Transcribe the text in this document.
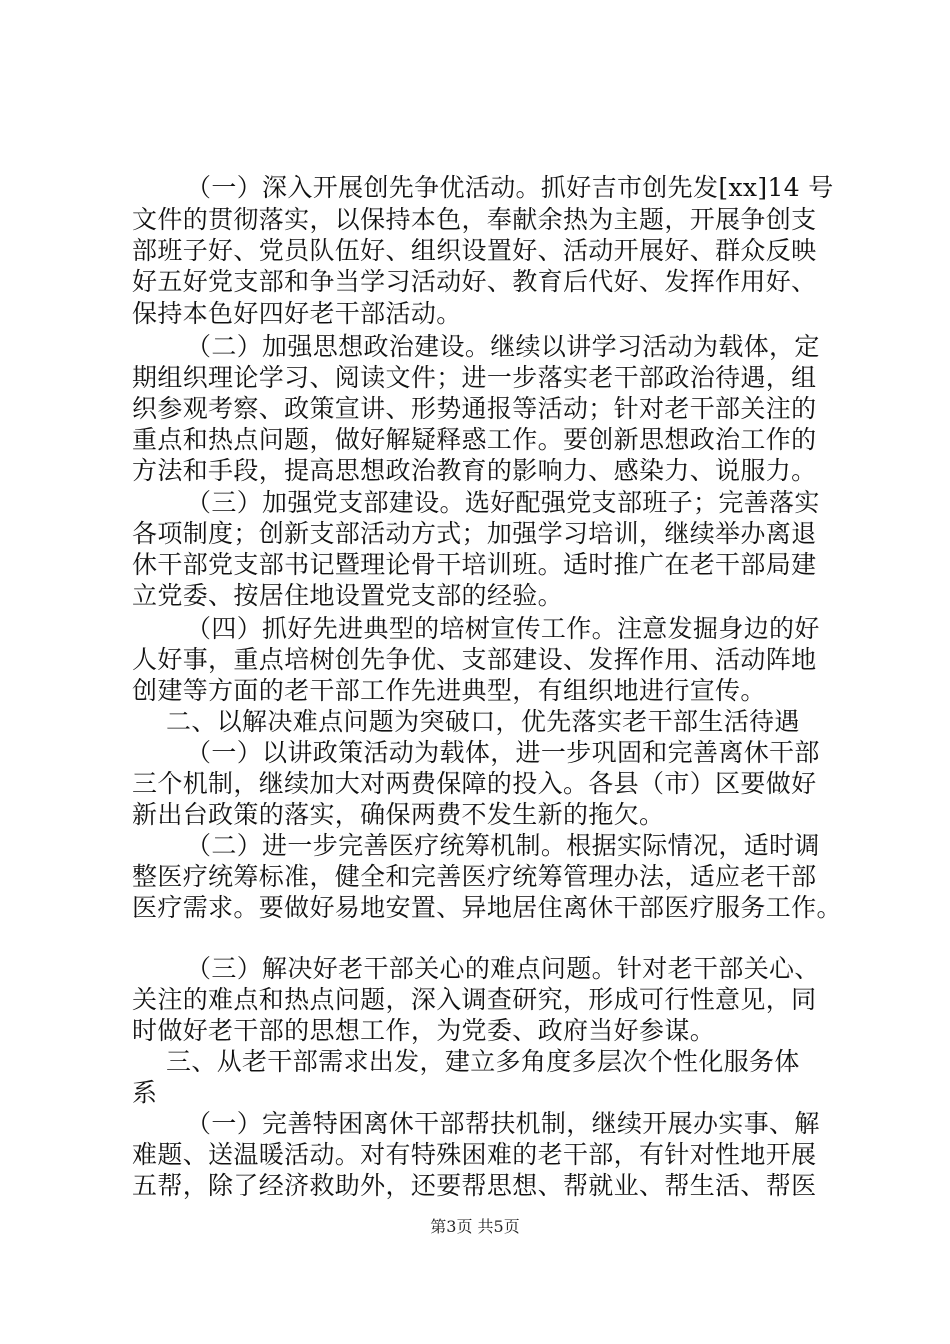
（一）深入开展创先争优活动。抓好吉市创先发[xx]14 号
文件的贯彻落实，以保持本色，奉献余热为主题，开展争创支
部班子好、党员队伍好、组织设置好、活动开展好、群众反映
好五好党支部和争当学习活动好、教育后代好、发挥作用好、
保持本色好四好老干部活动。
（二）加强思想政治建设。继续以讲学习活动为载体，定
期组织理论学习、阅读文件；进一步落实老干部政治待遇，组
织参观考察、政策宣讲、形势通报等活动；针对老干部关注的
重点和热点问题，做好解疑释惑工作。要创新思想政治工作的
方法和手段，提高思想政治教育的影响力、感染力、说服力。
（三）加强党支部建设。选好配强党支部班子；完善落实
各项制度；创新支部活动方式；加强学习培训，继续举办离退
休干部党支部书记暨理论骨干培训班。适时推广在老干部局建
立党委、按居住地设置党支部的经验。
（四）抓好先进典型的培树宣传工作。注意发掘身边的好
人好事，重点培树创先争优、支部建设、发挥作用、活动阵地
创建等方面的老干部工作先进典型，有组织地进行宣传。
二、以解决难点问题为突破口，优先落实老干部生活待遇
（一）以讲政策活动为载体，进一步巩固和完善离休干部
三个机制，继续加大对两费保障的投入。各县（市）区要做好
新出台政策的落实，确保两费不发生新的拖欠。
（二）进一步完善医疗统筹机制。根据实际情况，适时调
整医疗统筹标准，健全和完善医疗统筹管理办法，适应老干部
医疗需求。要做好易地安置、异地居住离休干部医疗服务工作。
（三）解决好老干部关心的难点问题。针对老干部关心、
关注的难点和热点问题，深入调查研究，形成可行性意见，同
时做好老干部的思想工作，为党委、政府当好参谋。
三、从老干部需求出发，建立多角度多层次个性化服务体
系
（一）完善特困离休干部帮扶机制，继续开展办实事、解
难题、送温暖活动。对有特殊困难的老干部，有针对性地开展
五帮，除了经济救助外，还要帮思想、帮就业、帮生活、帮医
第3页 共5页
